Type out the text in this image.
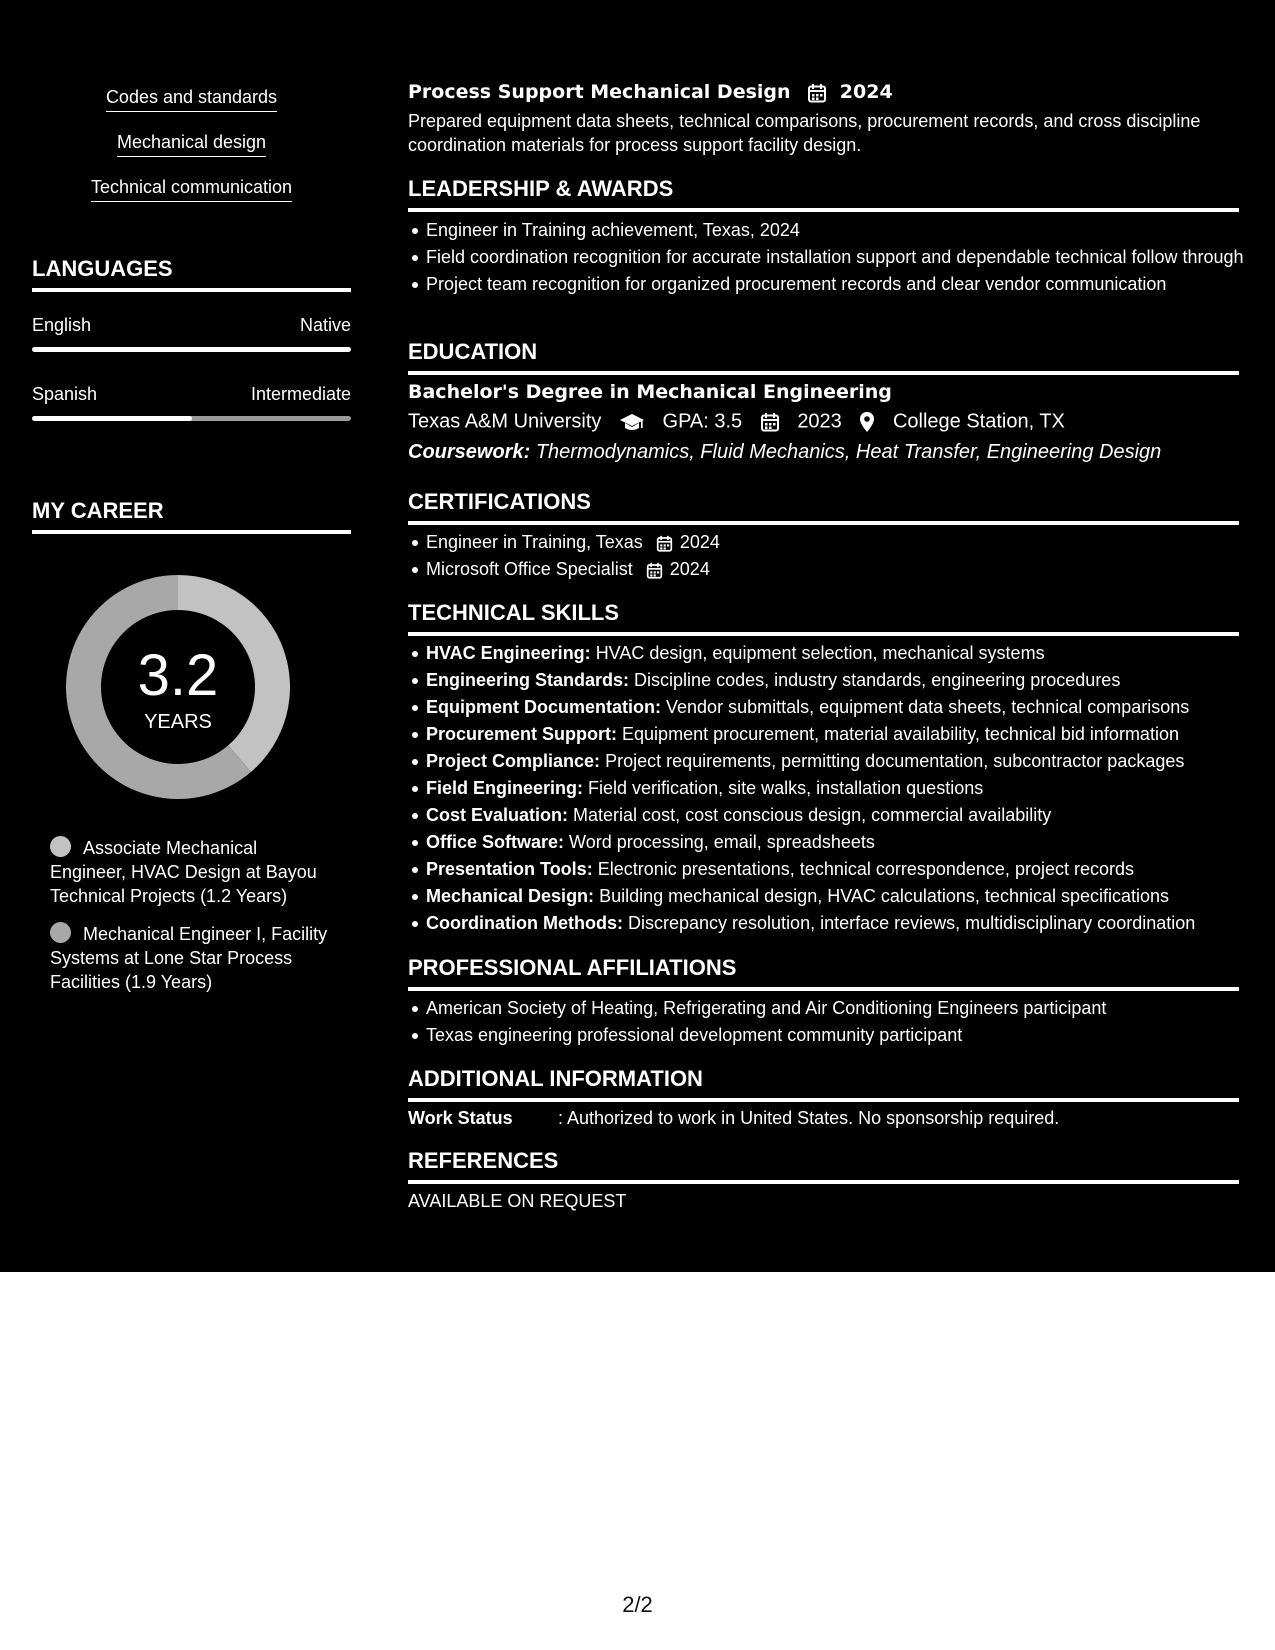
Codes and standards
Mechanical design
Technical communication
LANGUAGES
English	Native
Spanish	Intermediate
MY CAREER
3.2
YEARS
Associate Mechanical Engineer, HVAC Design at Bayou Technical Projects (1.2 Years)
Mechanical Engineer I, Facility Systems at Lone Star Process Facilities (1.9 Years)
Process Support Mechanical Design	2024
Prepared equipment data sheets, technical comparisons, procurement records, and cross discipline coordination materials for process support facility design.
LEADERSHIP & AWARDS
Engineer in Training achievement, Texas, 2024
Field coordination recognition for accurate installation support and dependable technical follow through
Project team recognition for organized procurement records and clear vendor communication
EDUCATION
Bachelor's Degree in Mechanical Engineering
Texas A&M University	GPA: 3.5	2023	College Station, TX
Coursework: Thermodynamics, Fluid Mechanics, Heat Transfer, Engineering Design
CERTIFICATIONS
Engineer in Training, Texas 2024
Microsoft Office Specialist 2024
TECHNICAL SKILLS
HVAC Engineering: HVAC design, equipment selection, mechanical systems
Engineering Standards: Discipline codes, industry standards, engineering procedures
Equipment Documentation: Vendor submittals, equipment data sheets, technical comparisons
Procurement Support: Equipment procurement, material availability, technical bid information
Project Compliance: Project requirements, permitting documentation, subcontractor packages
Field Engineering: Field verification, site walks, installation questions
Cost Evaluation: Material cost, cost conscious design, commercial availability
Office Software: Word processing, email, spreadsheets
Presentation Tools: Electronic presentations, technical correspondence, project records
Mechanical Design: Building mechanical design, HVAC calculations, technical specifications
Coordination Methods: Discrepancy resolution, interface reviews, multidisciplinary coordination
PROFESSIONAL AFFILIATIONS
American Society of Heating, Refrigerating and Air Conditioning Engineers participant
Texas engineering professional development community participant
ADDITIONAL INFORMATION
Work Status	: Authorized to work in United States. No sponsorship required.
REFERENCES
AVAILABLE ON REQUEST
2/2
